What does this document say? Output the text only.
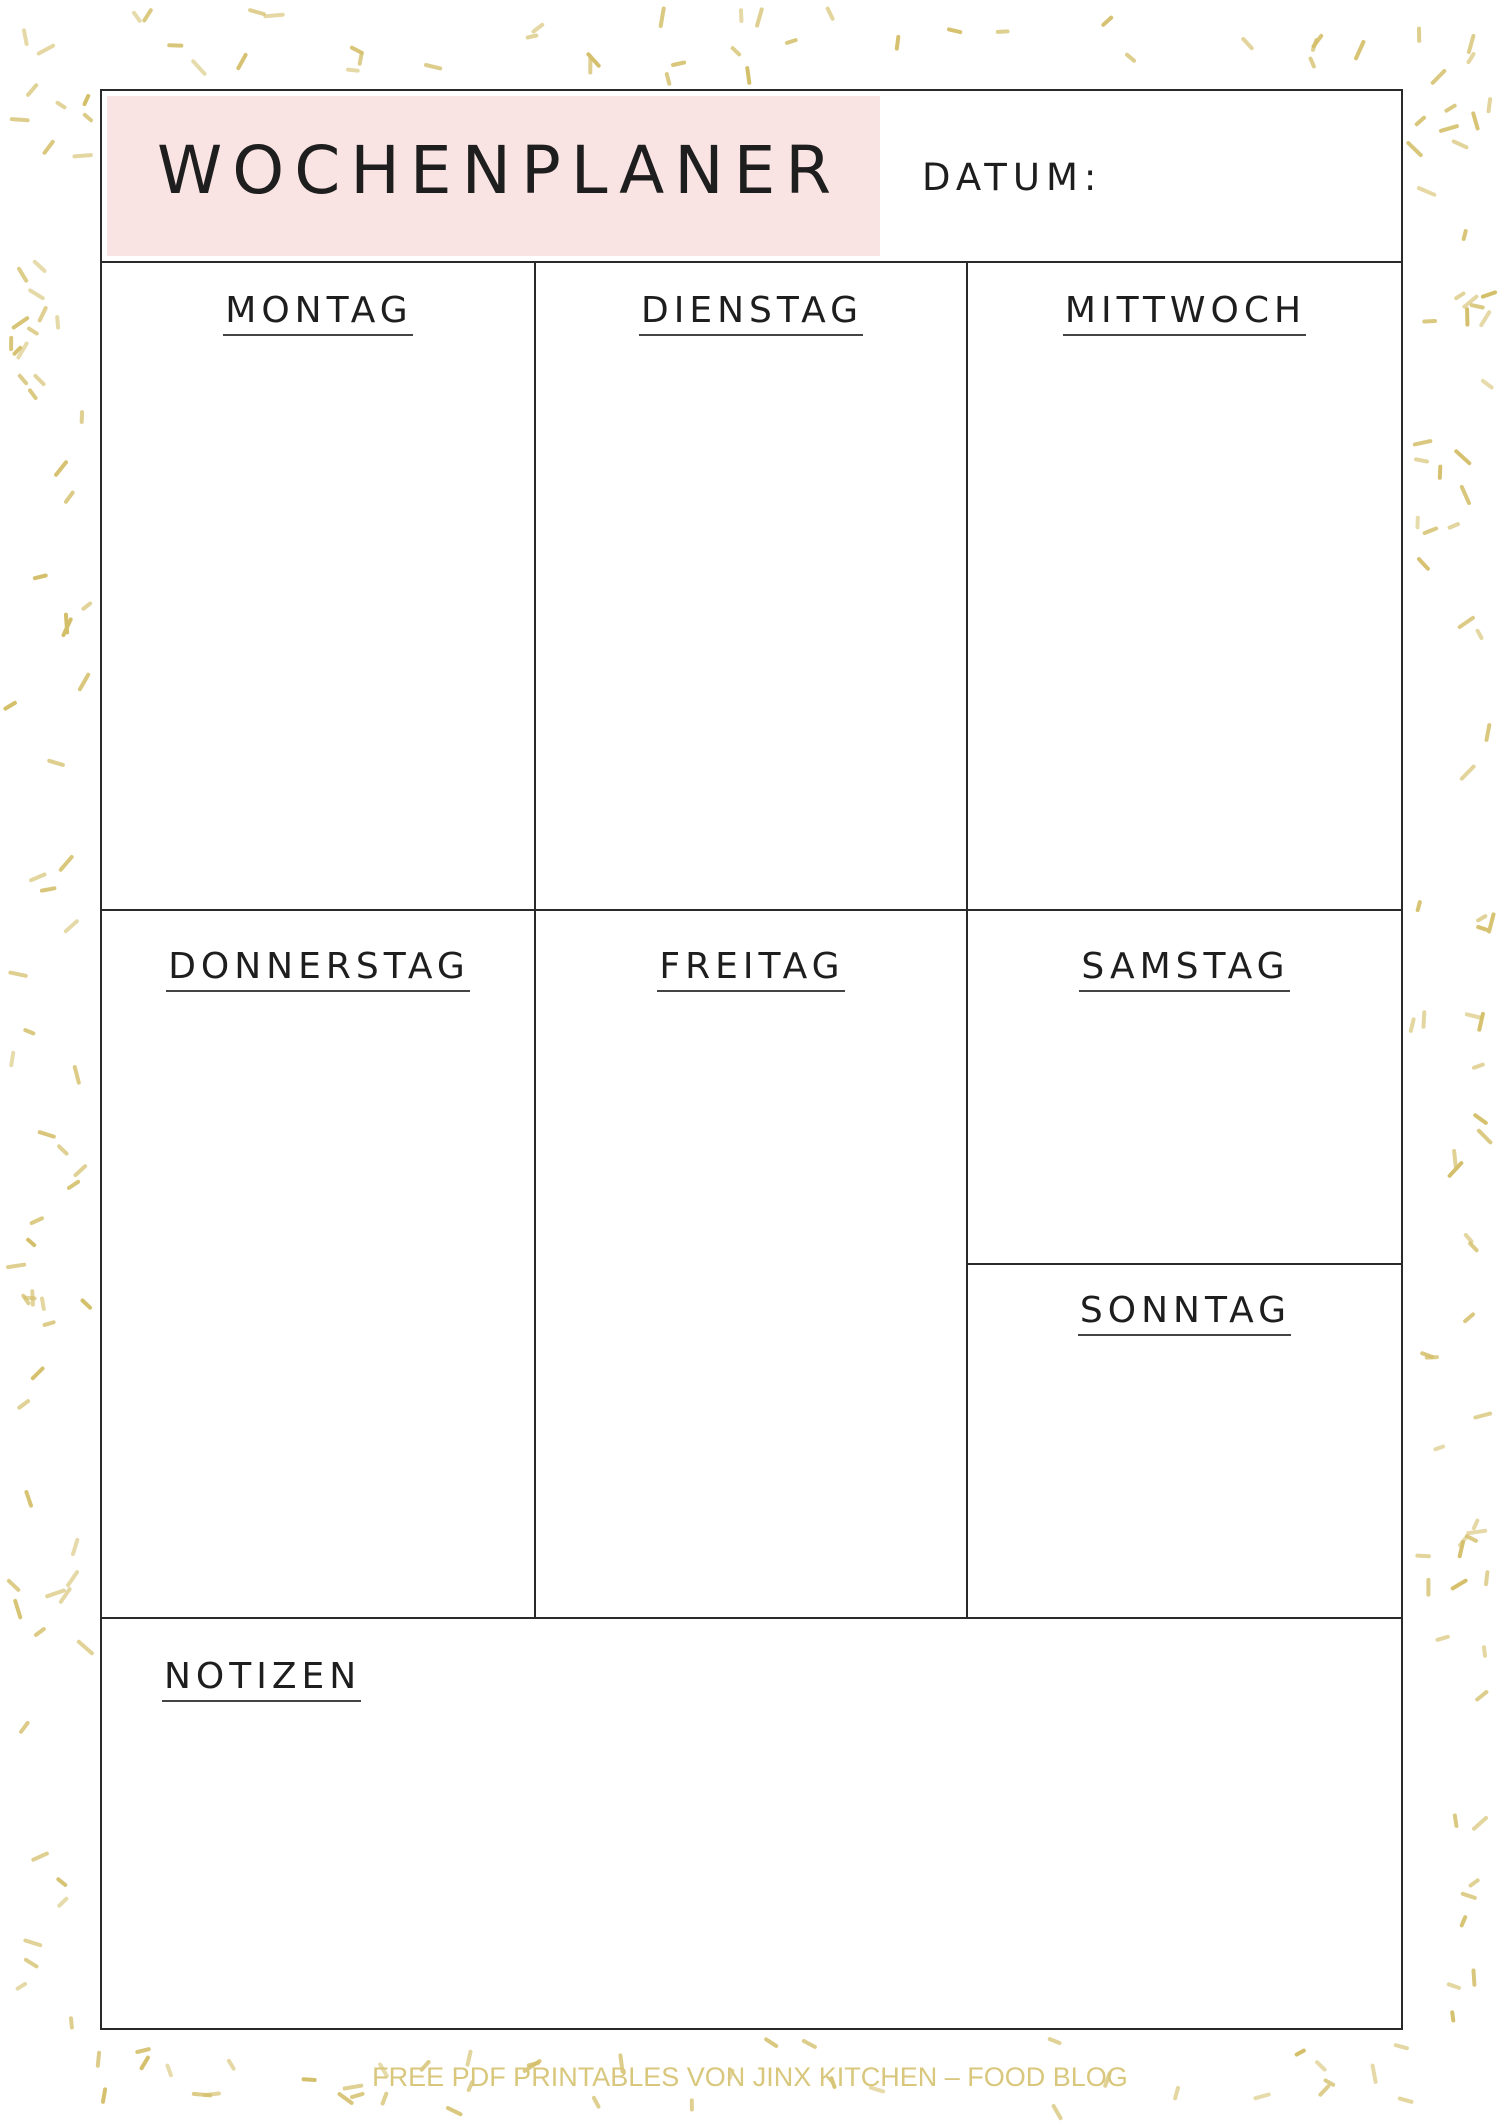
WOCHENPLANER DATUM:
MONTAG	DIENSTAG	MITTWOCH
DONNERSTAG	FREITAG	SAMSTAG
SONNTAG
NOTIZEN
FREE PDF PRINTABLES VON JINX KITCHEN – FOOD BLOG
